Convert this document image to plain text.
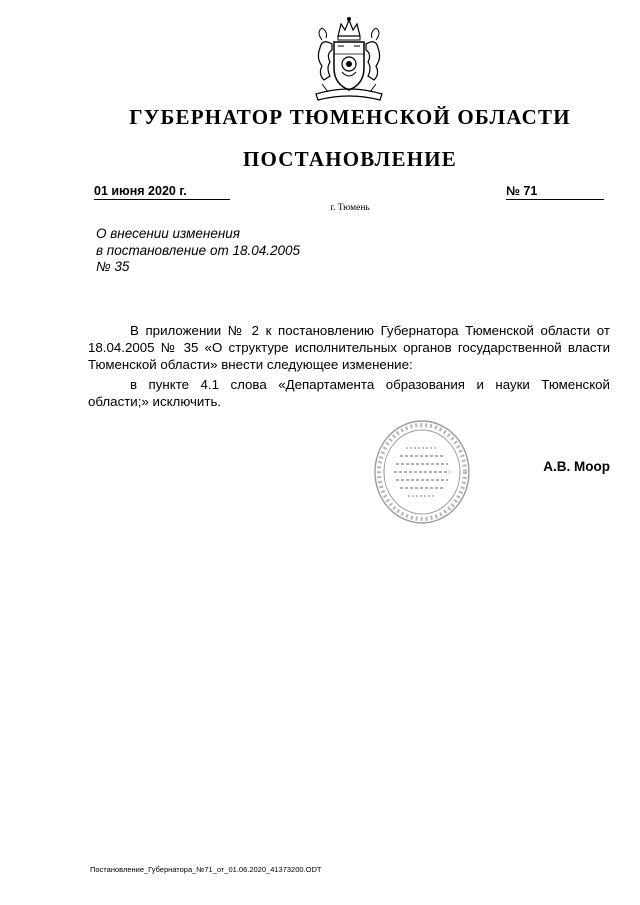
ГУБЕРНАТОР ТЮМЕНСКОЙ ОБЛАСТИ
ПОСТАНОВЛЕНИЕ
01 июня 2020 г.	№ 71
г. Тюмень
О внесении изменения
в постановление от 18.04.2005
№ 35

В приложении № 2 к постановлению Губернатора Тюменской области от 18.04.2005 № 35 «О структуре исполнительных органов государственной власти Тюменской области» внести следующее изменение:

в пункте 4.1 слова «Департамента образования и науки Тюменской области;» исключить.

А.В. Моор
Постановление_Губернатора_№71_от_01.06.2020_41373200.ODT
